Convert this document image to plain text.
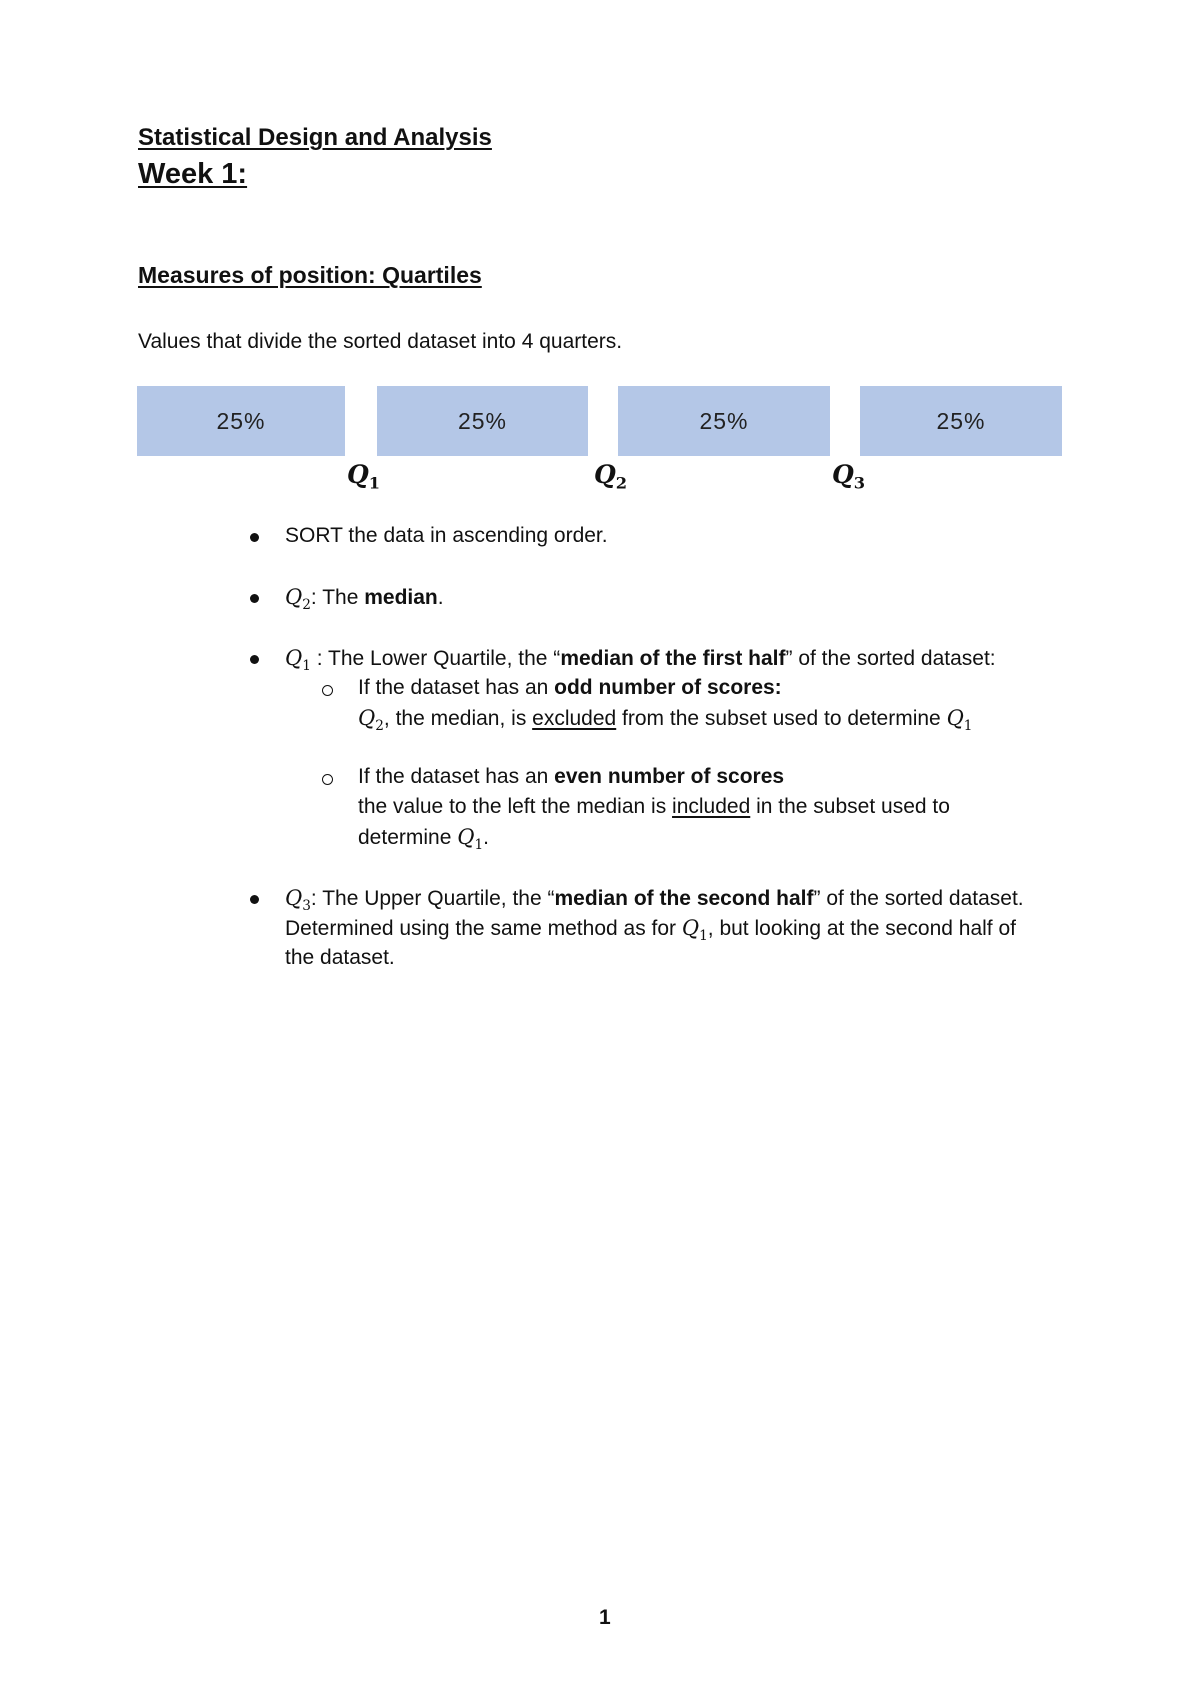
Statistical Design and Analysis
Week 1:
Measures of position: Quartiles
Values that divide the sorted dataset into 4 quarters.
25%	25%	25%	25%
$Q_1$	$Q_2$	$Q_3$
SORT the data in ascending order.
$Q_2$: The median.
$Q_1$ : The Lower Quartile, the “median of the first half” of the sorted dataset:
If the dataset has an odd number of scores:
$Q_2$, the median, is excluded from the subset used to determine $Q_1$
If the dataset has an even number of scores
the value to the left the median is included in the subset used to
determine $Q_1$.
$Q_3$: The Upper Quartile, the “median of the second half” of the sorted dataset.
Determined using the same method as for $Q_1$, but looking at the second half of
the dataset.
1
